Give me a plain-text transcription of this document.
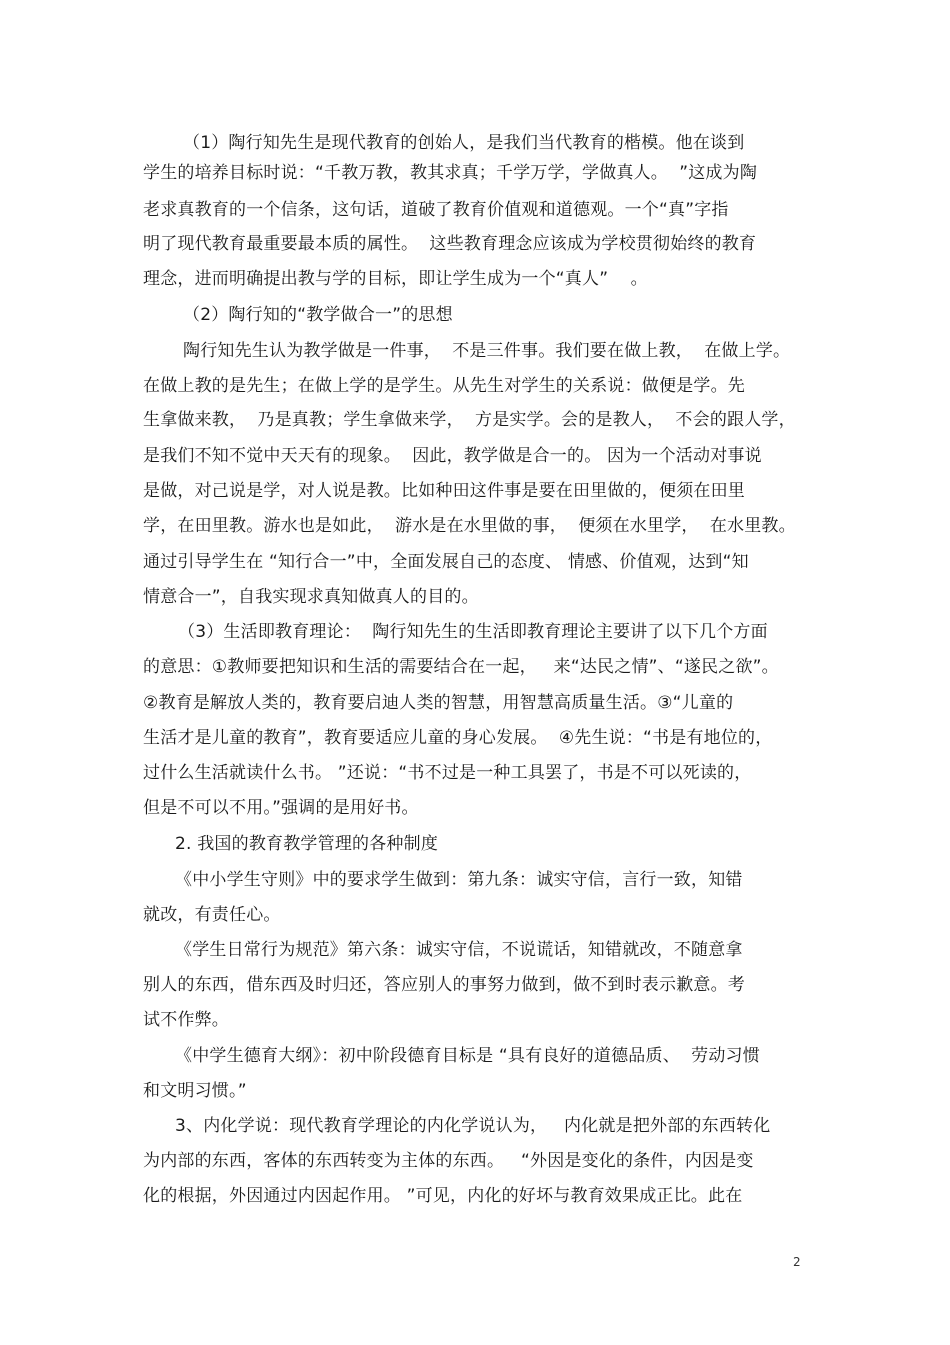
（1）陶行知先生是现代教育的创始人，是我们当代教育的楷模。他在谈到
学生的培养目标时说：“千教万教，教其求真；千学万学，学做真人。  ”这成为陶
老求真教育的一个信条，这句话，道破了教育价值观和道德观。一个“真”字指
明了现代教育最重要最本质的属性。  这些教育理念应该成为学校贯彻始终的教育
理念，进而明确提出教与学的目标，即让学生成为一个“真人”    。
（2）陶行知的“教学做合一”的思想
陶行知先生认为教学做是一件事，  不是三件事。我们要在做上教，  在做上学。
在做上教的是先生；在做上学的是学生。从先生对学生的关系说：做便是学。先
生拿做来教，  乃是真教；学生拿做来学，  方是实学。会的是教人，  不会的跟人学，
是我们不知不觉中天天有的现象。  因此，教学做是合一的。 因为一个活动对事说
是做，对己说是学，对人说是教。比如种田这件事是要在田里做的，便须在田里
学，在田里教。游水也是如此，  游水是在水里做的事，  便须在水里学，  在水里教。
通过引导学生在 “知行合一”中，全面发展自己的态度、 情感、价值观，达到“知
情意合一”，自我实现求真知做真人的目的。
（3）生活即教育理论：  陶行知先生的生活即教育理论主要讲了以下几个方面
的意思：①教师要把知识和生活的需要结合在一起，   来“达民之情”、“遂民之欲”。
②教育是解放人类的，教育要启迪人类的智慧，用智慧高质量生活。③“儿童的
生活才是儿童的教育”，教育要适应儿童的身心发展。  ④先生说：“书是有地位的，
过什么生活就读什么书。 ”还说：“书不过是一种工具罢了，书是不可以死读的，
但是不可以不用。”强调的是用好书。
2. 我国的教育教学管理的各种制度
《中小学生守则》中的要求学生做到：第九条：诚实守信，言行一致，知错
就改，有责任心。
《学生日常行为规范》第六条：诚实守信，不说谎话，知错就改，不随意拿
别人的东西，借东西及时归还，答应别人的事努力做到，做不到时表示歉意。考
试不作弊。
《中学生德育大纲》：初中阶段德育目标是 “具有良好的道德品质、  劳动习惯
和文明习惯。”
3、内化学说：现代教育学理论的内化学说认为，   内化就是把外部的东西转化
为内部的东西，客体的东西转变为主体的东西。   “外因是变化的条件，内因是变
化的根据，外因通过内因起作用。 ”可见，内化的好坏与教育效果成正比。此在
2
